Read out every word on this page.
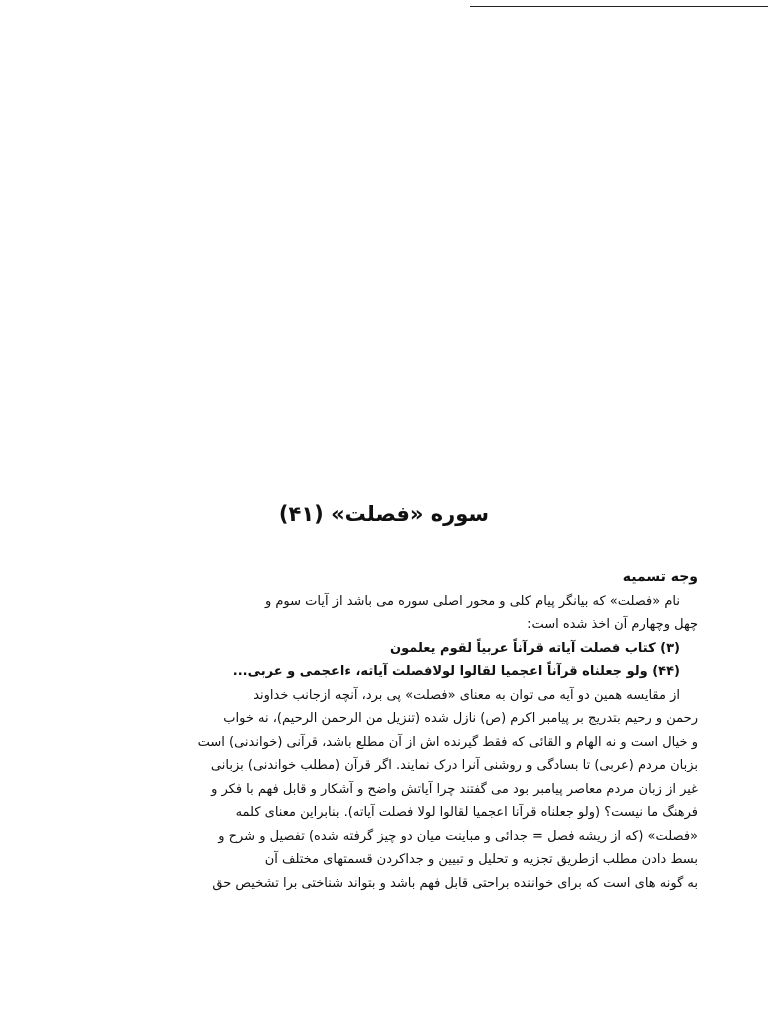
سوره «فصلت» (۴۱)
وجه تسمیه
نام «فصلت» که بیانگر پیام کلی و محور اصلی سوره می باشد از آیات سوم و
چهل وچهارم آن اخذ شده است:
(۳) کتاب فصلت آیاته قرآناً عربیاً لقوم یعلمون
(۴۴) ولو جعلناه قرآناً اعجمیا لقالوا لولافصلت آیاته، ءاعجمی و عربی...
از مقایسه همین دو آیه می توان به معنای «فصلت» پی برد، آنچه ازجانب خداوند
رحمن و رحیم بتدریج بر پیامبر اکرم (ص) نازل شده (تنزیل من الرحمن الرحیم)، نه خواب
و خیال است و نه الهام و القائی که فقط گیرنده اش از آن مطلع باشد، قرآنی (خواندنی) است
بزبان مردم (عربی) تا بسادگی و روشنی آنرا درک نمایند. اگر قرآن (مطلب خواندنی) بزبانی
غیر از زبان مردم معاصر پیامبر بود می گفتند چرا آیاتش واضح و آشکار و قابل فهم با فکر و
فرهنگ ما نیست؟ (ولو جعلناه قرآنا اعجمیا لقالوا لولا فصلت آیاته). بنابراین معنای کلمه
«فصلت» (که از ریشه فصل = جدائی و مباینت میان دو چیز گرفته شده) تفصیل و شرح و
بسط دادن مطلب ازطریق تجزیه و تحلیل و تبیین و جداکردن قسمتهای مختلف آن
به گونه های است که برای خواننده براحتی قابل فهم باشد و بتواند شناختی برا تشخیص حق
